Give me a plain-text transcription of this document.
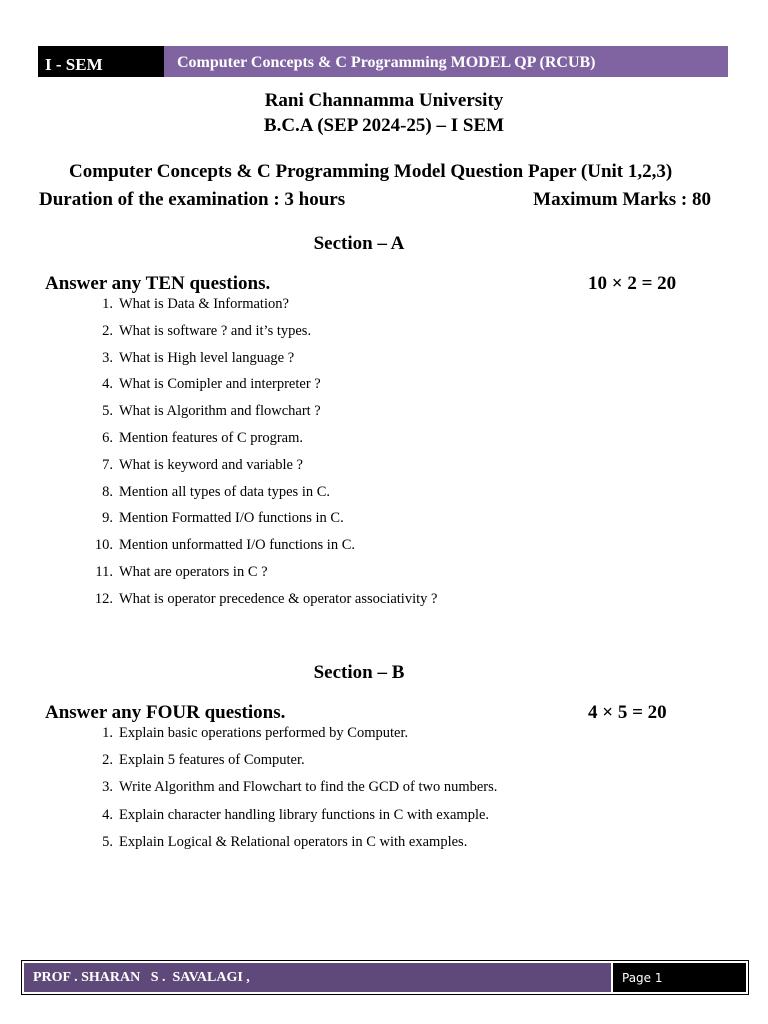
I - SEM	Computer Concepts & C Programming MODEL QP (RCUB)
Rani Channamma University
B.C.A (SEP 2024-25) – I SEM
Computer Concepts & C Programming Model Question Paper (Unit 1,2,3)
Duration of the examination : 3 hours	Maximum Marks : 80
Section – A
Answer any TEN questions.	10 × 2 = 20
1. What is Data & Information?
2. What is software ? and it’s types.
3. What is High level language ?
4. What is Comipler and interpreter ?
5. What is Algorithm and flowchart ?
6. Mention features of C program.
7. What is keyword and variable ?
8. Mention all types of data types in C.
9. Mention Formatted I/O functions in C.
10. Mention unformatted I/O functions in C.
11. What are operators in C ?
12. What is operator precedence & operator associativity ?
Section – B
Answer any FOUR questions.	4 × 5 = 20
1. Explain basic operations performed by Computer.
2. Explain 5 features of Computer.
3. Write Algorithm and Flowchart to find the GCD of two numbers.
4. Explain character handling library functions in C with example.
5. Explain Logical & Relational operators in C with examples.
PROF . SHARAN   S .  SAVALAGI ,	Page 1
